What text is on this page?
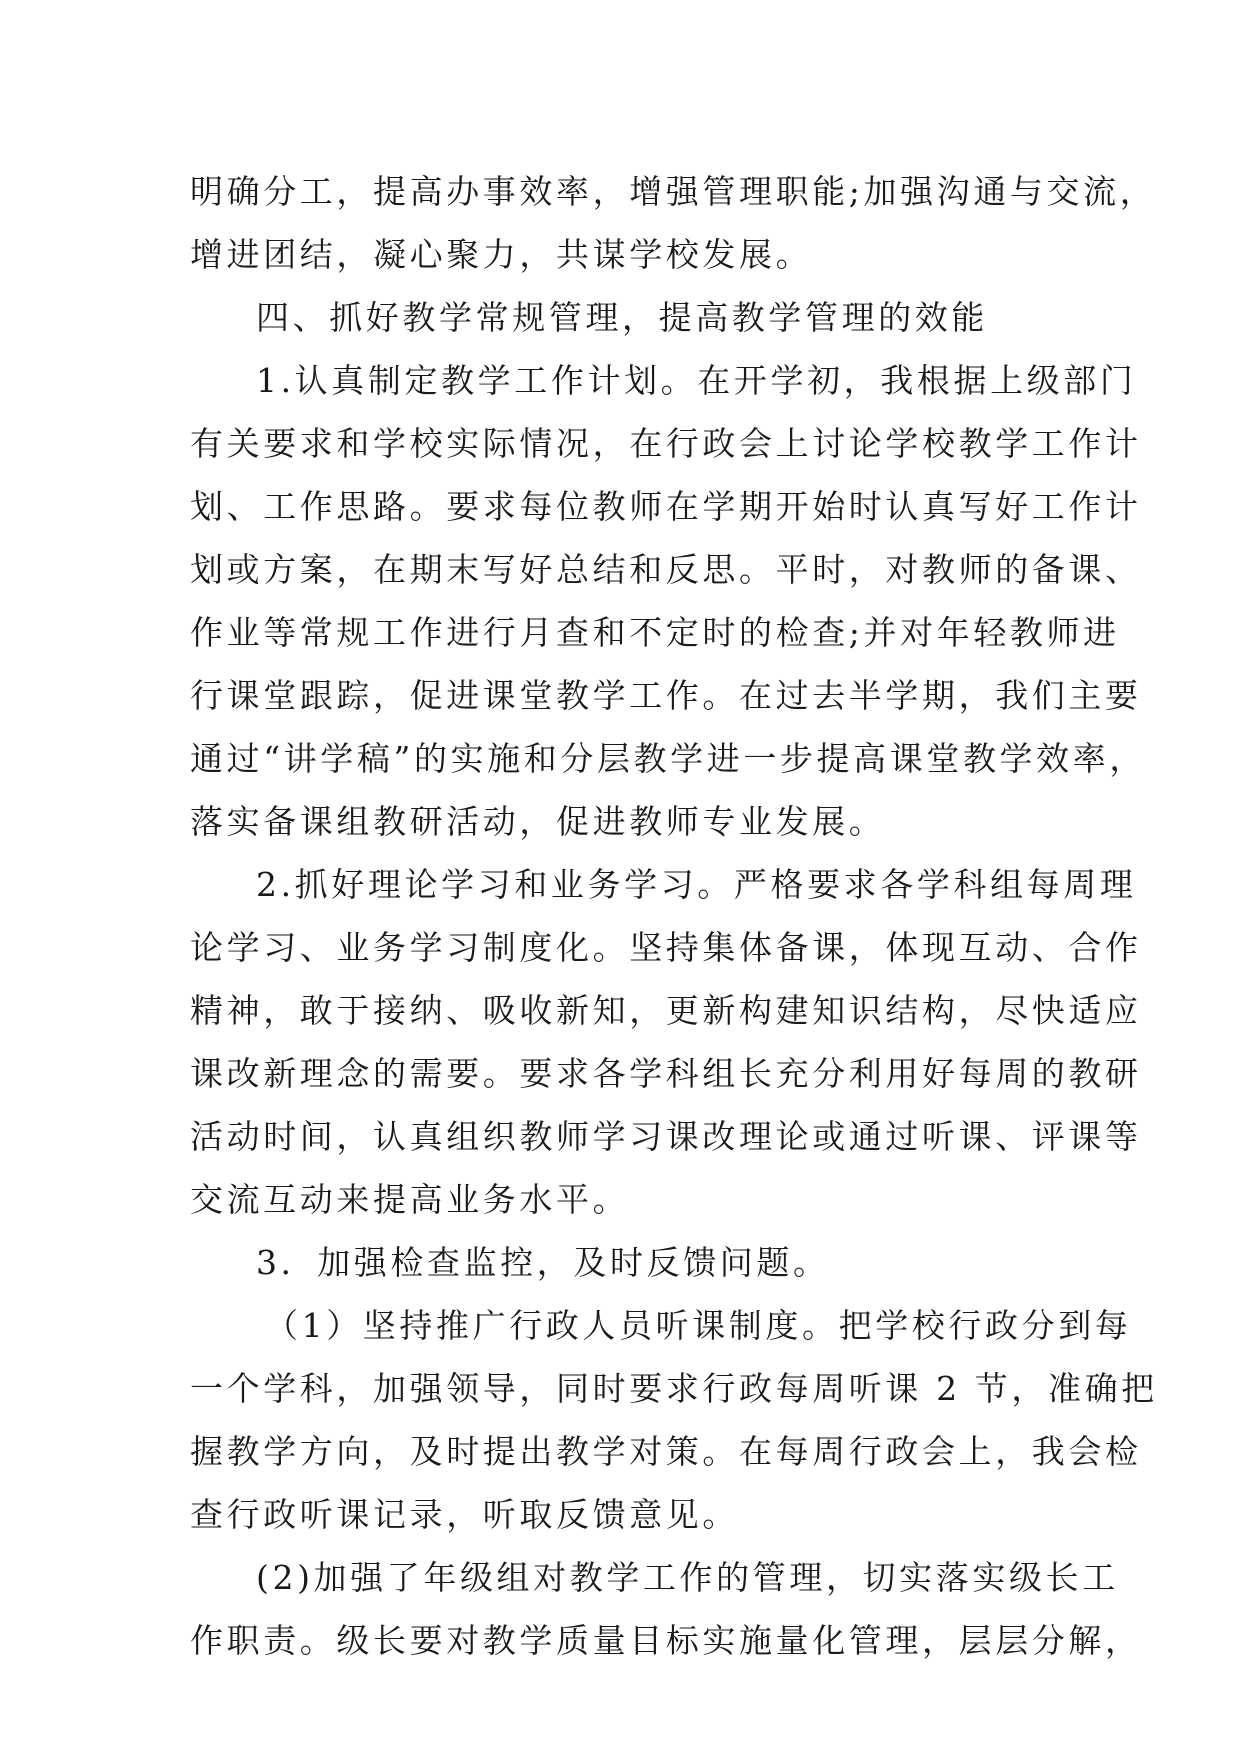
明确分工，提高办事效率，增强管理职能;加强沟通与交流，
增进团结，凝心聚力，共谋学校发展。
四、抓好教学常规管理，提高教学管理的效能
1.认真制定教学工作计划。在开学初，我根据上级部门
有关要求和学校实际情况，在行政会上讨论学校教学工作计
划、工作思路。要求每位教师在学期开始时认真写好工作计
划或方案，在期末写好总结和反思。平时，对教师的备课、
作业等常规工作进行月查和不定时的检查;并对年轻教师进
行课堂跟踪，促进课堂教学工作。在过去半学期，我们主要
通过“讲学稿”的实施和分层教学进一步提高课堂教学效率，
落实备课组教研活动，促进教师专业发展。
2.抓好理论学习和业务学习。严格要求各学科组每周理
论学习、业务学习制度化。坚持集体备课，体现互动、合作
精神，敢于接纳、吸收新知，更新构建知识结构，尽快适应
课改新理念的需要。要求各学科组长充分利用好每周的教研
活动时间，认真组织教师学习课改理论或通过听课、评课等
交流互动来提高业务水平。
3．加强检查监控，及时反馈问题。
（1）坚持推广行政人员听课制度。把学校行政分到每
一个学科，加强领导，同时要求行政每周听课 2 节，准确把
握教学方向，及时提出教学对策。在每周行政会上，我会检
查行政听课记录，听取反馈意见。
(2)加强了年级组对教学工作的管理，切实落实级长工
作职责。级长要对教学质量目标实施量化管理，层层分解，
